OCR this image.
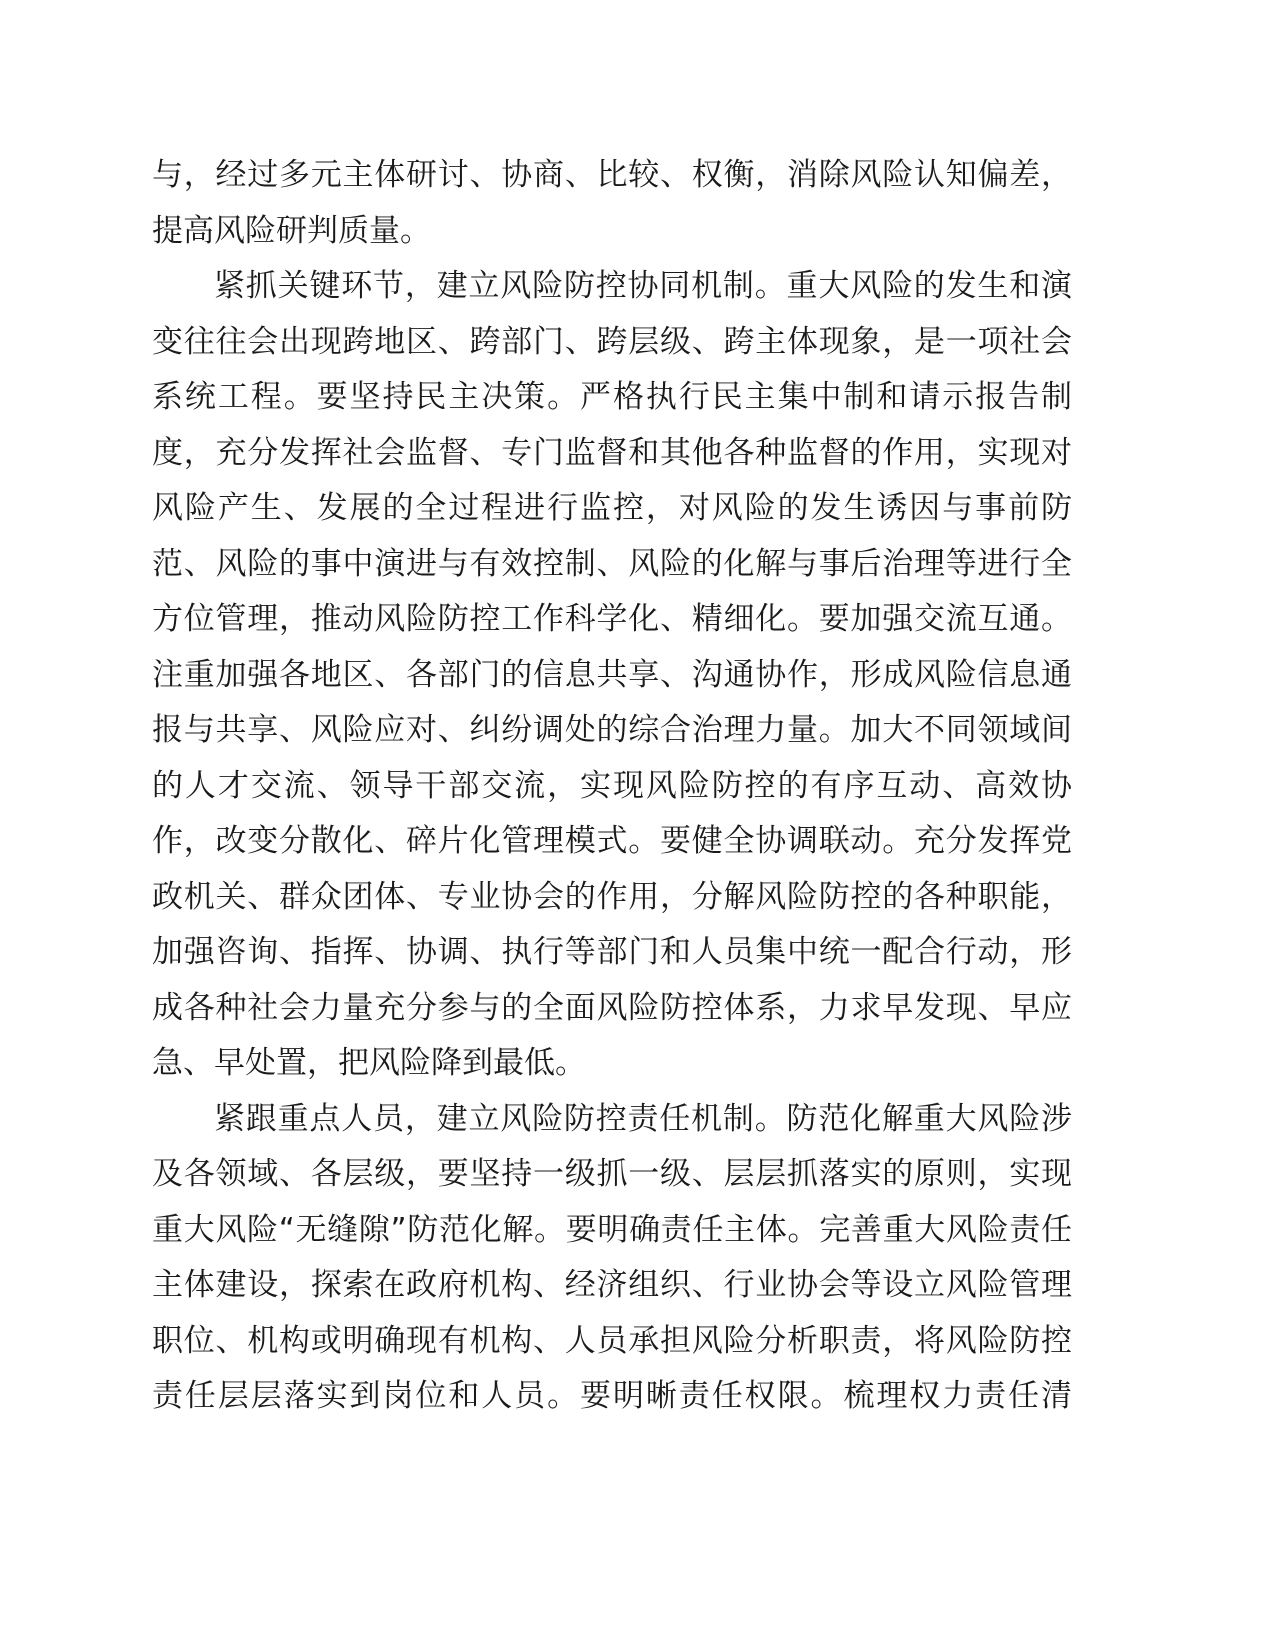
与，经过多元主体研讨、协商、比较、权衡，消除风险认知偏差，
提高风险研判质量。
紧抓关键环节，建立风险防控协同机制。重大风险的发生和演
变往往会出现跨地区、跨部门、跨层级、跨主体现象，是一项社会
系统工程。要坚持民主决策。严格执行民主集中制和请示报告制
度，充分发挥社会监督、专门监督和其他各种监督的作用，实现对
风险产生、发展的全过程进行监控，对风险的发生诱因与事前防
范、风险的事中演进与有效控制、风险的化解与事后治理等进行全
方位管理，推动风险防控工作科学化、精细化。要加强交流互通。
注重加强各地区、各部门的信息共享、沟通协作，形成风险信息通
报与共享、风险应对、纠纷调处的综合治理力量。加大不同领域间
的人才交流、领导干部交流，实现风险防控的有序互动、高效协
作，改变分散化、碎片化管理模式。要健全协调联动。充分发挥党
政机关、群众团体、专业协会的作用，分解风险防控的各种职能，
加强咨询、指挥、协调、执行等部门和人员集中统一配合行动，形
成各种社会力量充分参与的全面风险防控体系，力求早发现、早应
急、早处置，把风险降到最低。
紧跟重点人员，建立风险防控责任机制。防范化解重大风险涉
及各领域、各层级，要坚持一级抓一级、层层抓落实的原则，实现
重大风险“无缝隙”防范化解。要明确责任主体。完善重大风险责任
主体建设，探索在政府机构、经济组织、行业协会等设立风险管理
职位、机构或明确现有机构、人员承担风险分析职责，将风险防控
责任层层落实到岗位和人员。要明晰责任权限。梳理权力责任清
